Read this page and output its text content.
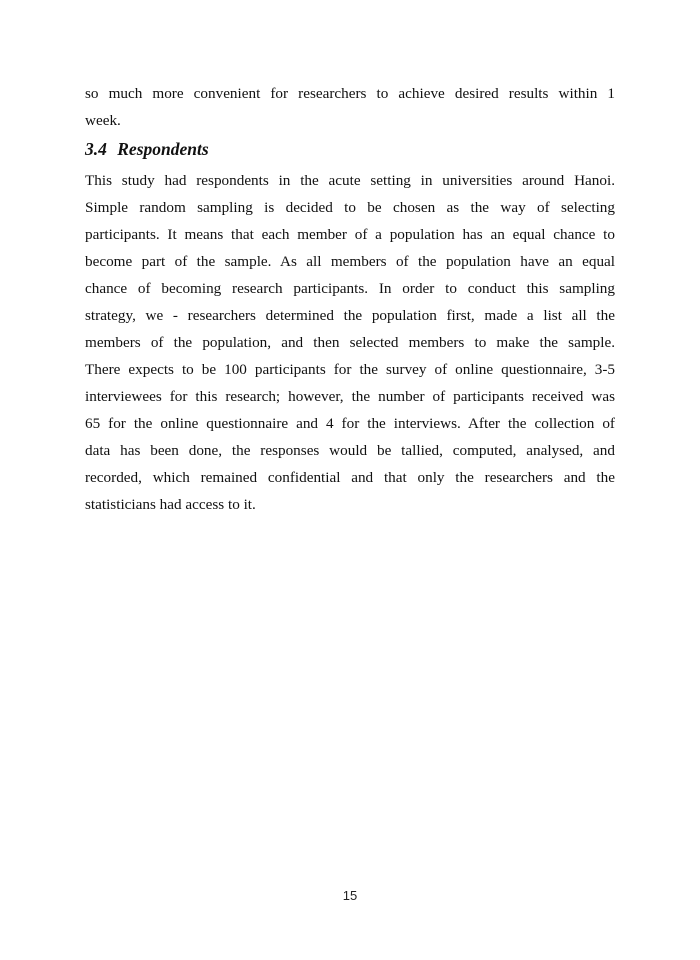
so much more convenient for researchers to achieve desired results within 1
week.
3.4 Respondents
This study had respondents in the acute setting in universities around Hanoi.
Simple random sampling is decided to be chosen as the way of selecting
participants. It means that each member of a population has an equal chance to
become part of the sample. As all members of the population have an equal
chance of becoming research participants. In order to conduct this sampling
strategy, we - researchers determined the population first, made a list all the
members of the population, and then selected members to make the sample.
There expects to be 100 participants for the survey of online questionnaire, 3-5
interviewees for this research; however, the number of participants received was
65 for the online questionnaire and 4 for the interviews. After the collection of
data has been done, the responses would be tallied, computed, analysed, and
recorded, which remained confidential and that only the researchers and the
statisticians had access to it.
15
